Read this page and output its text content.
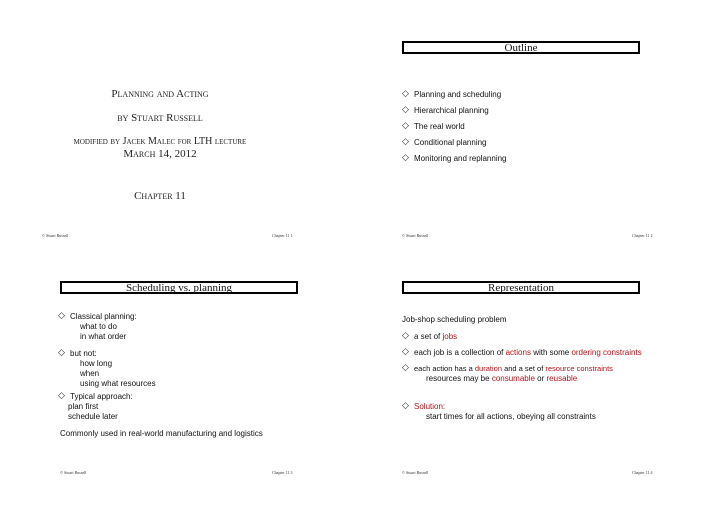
Planning and Acting
by Stuart Russell
modified by Jacek Malec for LTH lecture
March 14, 2012
Chapter 11
© Stuart Russell	Chapter 11 1
Outline
◇ Planning and scheduling
◇ Hierarchical planning
◇ The real world
◇ Conditional planning
◇ Monitoring and replanning
© Stuart Russell	Chapter 11 2
Scheduling vs. planning
◇ Classical planning:
what to do
in what order
◇ but not:
how long
when
using what resources
◇ Typical approach:
plan first
schedule later
Commonly used in real-world manufacturing and logistics
© Stuart Russell	Chapter 11 3
Representation
Job-shop scheduling problem
◇ a set of jobs
◇ each job is a collection of actions with some ordering constraints
◇ each action has a duration and a set of resource constraints
resources may be consumable or reusable
◇ Solution:
start times for all actions, obeying all constraints
© Stuart Russell	Chapter 11 4
